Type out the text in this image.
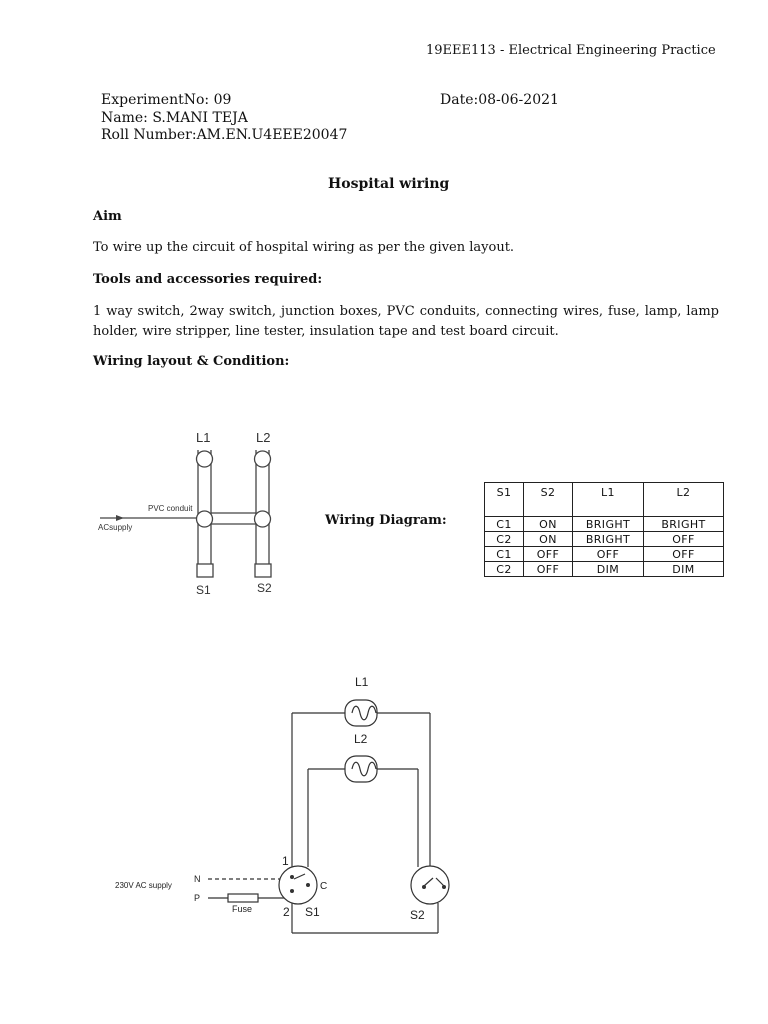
19EEE113 - Electrical Engineering Practice
ExperimentNo: 09	Date:08-06-2021
Name: S.MANI TEJA
Roll Number:AM.EN.U4EEE20047
Hospital wiring
Aim
To wire up the circuit of hospital wiring as per the given layout.
Tools and accessories required:
1 way switch, 2way switch, junction boxes, PVC conduits, connecting wires, fuse, lamp, lamp holder, wire stripper, line tester, insulation tape and test board circuit.
Wiring layout & Condition:
L1	L2
S1	S2
PVC conduit
ACsupply	Wiring Diagram:
S1	S2	L1	L2
C1	ON	BRIGHT	BRIGHT
C2	ON	BRIGHT	OFF
C1	OFF	OFF	OFF
C2	OFF	DIM	DIM
L1
L2
1
2
C
S1	S2
N
P
230V AC supply
Fuse
